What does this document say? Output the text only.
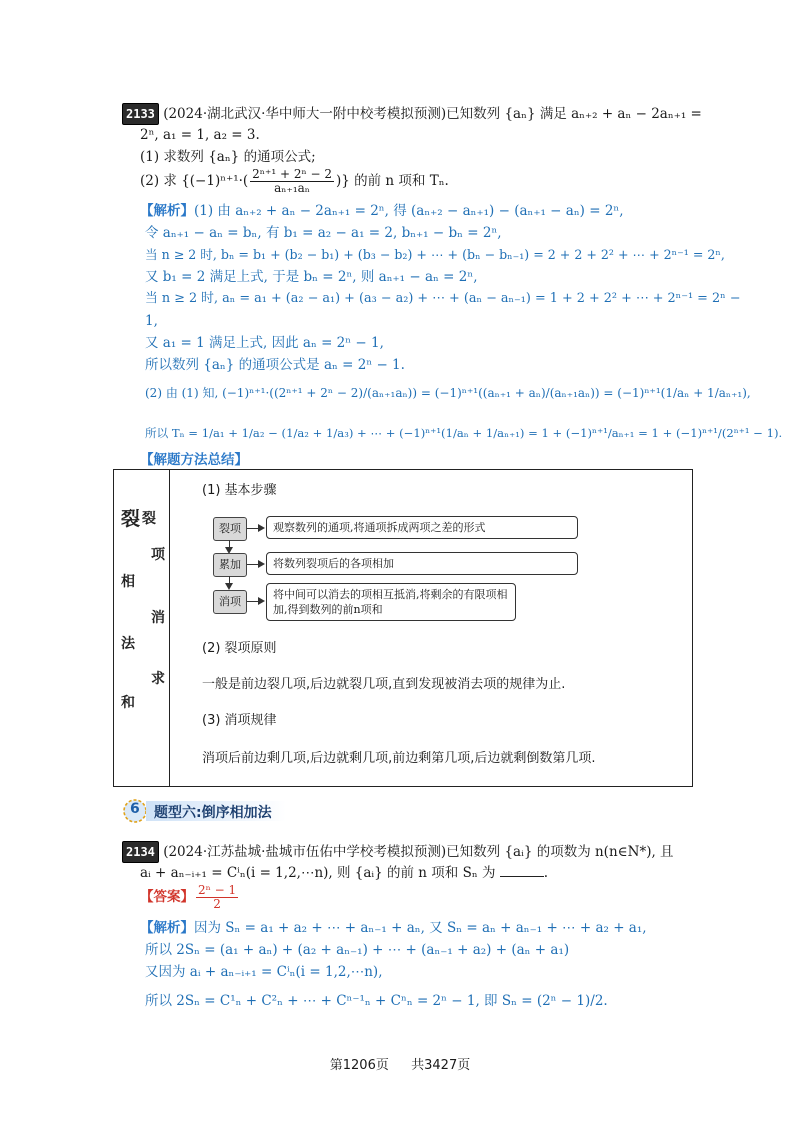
2133 (2024·湖北武汉·华中师大一附中校考模拟预测)已知数列 {aₙ} 满足 aₙ₊₂ + aₙ − 2aₙ₊₁ =
2ⁿ, a₁ = 1, a₂ = 3.
(1) 求数列 {aₙ} 的通项公式;
(2) 求 {$(-1)^{n+1}\cdot( \frac{\text{2ⁿ⁺¹ + 2ⁿ − 2}}{\text{aₙ₊₁aₙ}}$ )} 的前 n 项和 Tₙ.
【解析】(1) 由 aₙ₊₂ + aₙ − 2aₙ₊₁ = 2ⁿ, 得 (aₙ₊₂ − aₙ₊₁) − (aₙ₊₁ − aₙ) = 2ⁿ,
令 aₙ₊₁ − aₙ = bₙ, 有 b₁ = a₂ − a₁ = 2, bₙ₊₁ − bₙ = 2ⁿ,
当 n ≥ 2 时, bₙ = b₁ + (b₂ − b₁) + (b₃ − b₂) + ⋯ + (bₙ − bₙ₋₁) = 2 + 2 + 2² + ⋯ + 2ⁿ⁻¹ = 2ⁿ,
又 b₁ = 2 满足上式, 于是 bₙ = 2ⁿ, 则 aₙ₊₁ − aₙ = 2ⁿ,
当 n ≥ 2 时, aₙ = a₁ + (a₂ − a₁) + (a₃ − a₂) + ⋯ + (aₙ − aₙ₋₁) = 1 + 2 + 2² + ⋯ + 2ⁿ⁻¹ = 2ⁿ −
1,
又 a₁ = 1 满足上式, 因此 aₙ = 2ⁿ − 1,
所以数列 {aₙ} 的通项公式是 aₙ = 2ⁿ − 1.
(2) 由 (1) 知, (−1)ⁿ⁺¹·((2ⁿ⁺¹ + 2ⁿ − 2)/(aₙ₊₁aₙ)) = (−1)ⁿ⁺¹((aₙ₊₁ + aₙ)/(aₙ₊₁aₙ)) = (−1)ⁿ⁺¹(1/aₙ + 1/aₙ₊₁),
所以 Tₙ = 1/a₁ + 1/a₂ − (1/a₂ + 1/a₃) + ⋯ + (−1)ⁿ⁺¹(1/aₙ + 1/aₙ₊₁) = 1 + (−1)ⁿ⁺¹/aₙ₊₁ = 1 + (−1)ⁿ⁺¹/(2ⁿ⁺¹ − 1).
【解题方法总结】
裂 裂
项
相
消
法
求
和
(1) 基本步骤
裂项	观察数列的通项,将通项拆成两项之差的形式
累加	将数列裂项后的各项相加
消项
将中间可以消去的项相互抵消,将剩余的有限项相加,得到数列的前n项和
(2) 裂项原则
一般是前边裂几项,后边就裂几项,直到发现被消去项的规律为止.
(3) 消项规律
消项后前边剩几项,后边就剩几项,前边剩第几项,后边就剩倒数第几项.
6 题型六:倒序相加法
2134 (2024·江苏盐城·盐城市伍佑中学校考模拟预测)已知数列 {aᵢ} 的项数为 n(n∈N*), 且
aᵢ + aₙ₋ᵢ₊₁ = Cⁱₙ(i = 1,2,⋯n), 则 {aᵢ} 的前 n 项和 Sₙ 为	.
【答案】 $\frac{\text{2ⁿ − 1}}{2}$
【解析】因为 Sₙ = a₁ + a₂ + ⋯ + aₙ₋₁ + aₙ, 又 Sₙ = aₙ + aₙ₋₁ + ⋯ + a₂ + a₁,
所以 2Sₙ = (a₁ + aₙ) + (a₂ + aₙ₋₁) + ⋯ + (aₙ₋₁ + a₂) + (aₙ + a₁)
又因为 aᵢ + aₙ₋ᵢ₊₁ = Cⁱₙ(i = 1,2,⋯n),
所以 2Sₙ = C¹ₙ + C²ₙ + ⋯ + Cⁿ⁻¹ₙ + Cⁿₙ = 2ⁿ − 1, 即 Sₙ = (2ⁿ − 1)/2.
第1206页 共3427页
